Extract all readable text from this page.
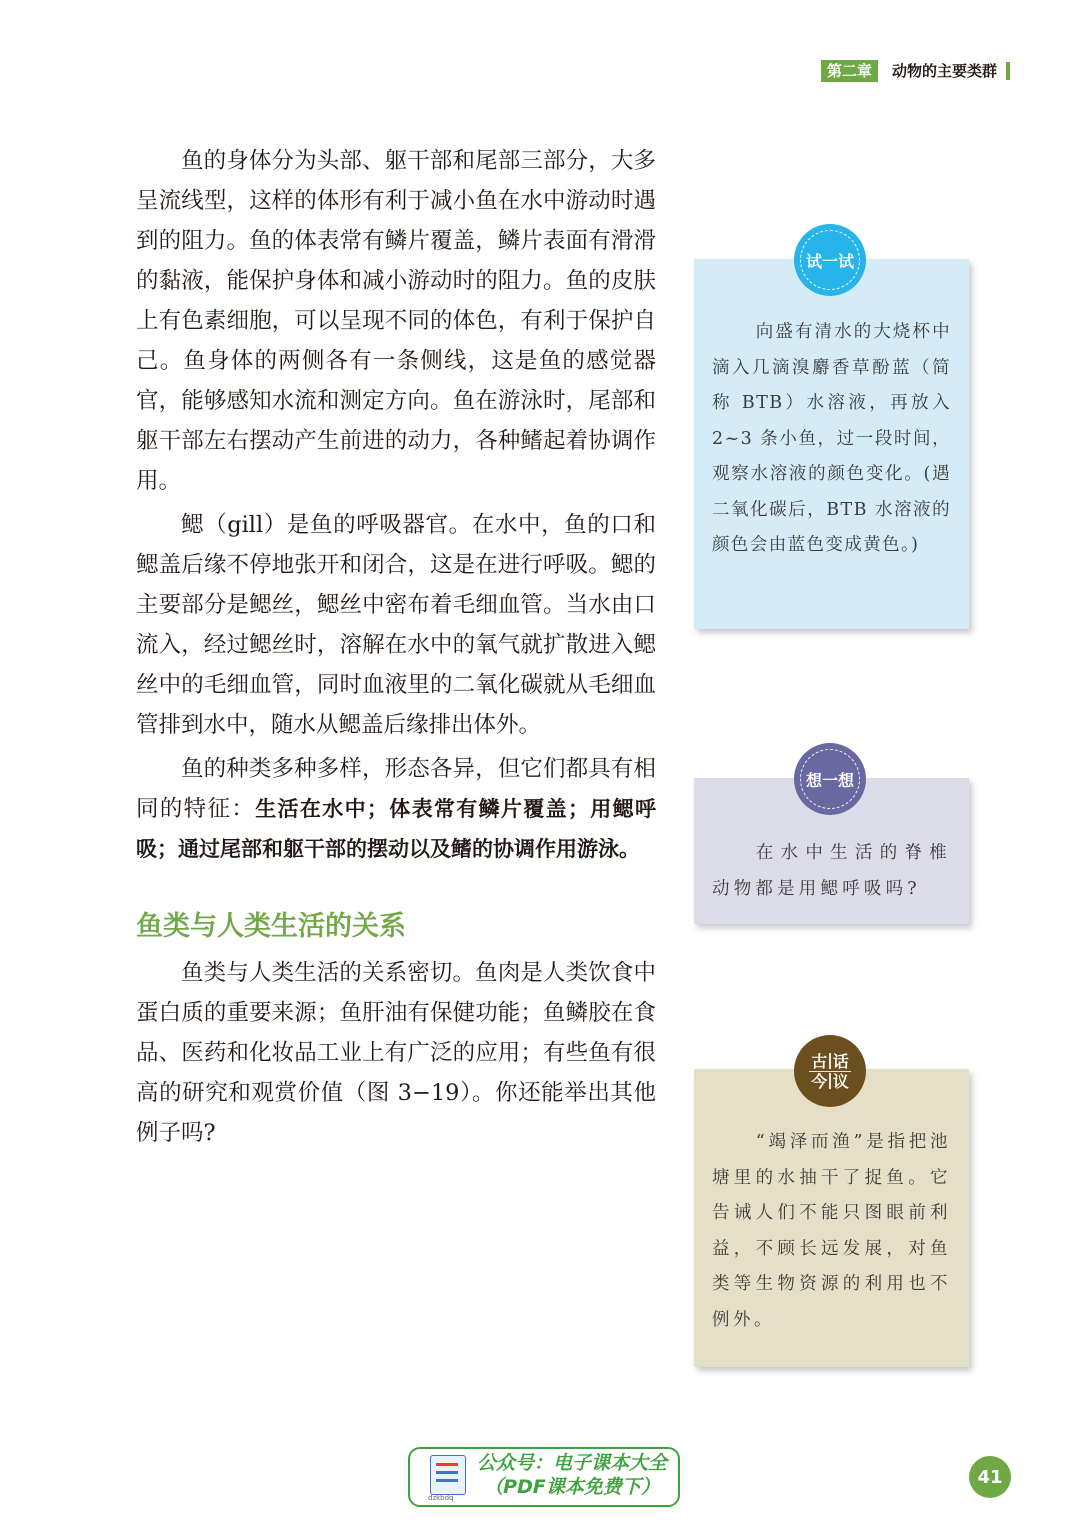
第二章	动物的主要类群

鱼的身体分为头部、躯干部和尾部三部分，大多呈流线型，这样的体形有利于减小鱼在水中游动时遇到的阻力。鱼的体表常有鳞片覆盖，鳞片表面有滑滑的黏液，能保护身体和减小游动时的阻力。鱼的皮肤上有色素细胞，可以呈现不同的体色，有利于保护自己。鱼身体的两侧各有一条侧线，这是鱼的感觉器官，能够感知水流和测定方向。鱼在游泳时，尾部和躯干部左右摆动产生前进的动力，各种鳍起着协调作用。

鳃（gill）是鱼的呼吸器官。在水中，鱼的口和鳃盖后缘不停地张开和闭合，这是在进行呼吸。鳃的主要部分是鳃丝，鳃丝中密布着毛细血管。当水由口流入，经过鳃丝时，溶解在水中的氧气就扩散进入鳃丝中的毛细血管，同时血液里的二氧化碳就从毛细血管排到水中，随水从鳃盖后缘排出体外。

鱼的种类多种多样，形态各异，但它们都具有相同的特征：生活在水中；体表常有鳞片覆盖；用鳃呼吸；通过尾部和躯干部的摆动以及鳍的协调作用游泳。

鱼类与人类生活的关系

鱼类与人类生活的关系密切。鱼肉是人类饮食中蛋白质的重要来源；鱼肝油有保健功能；鱼鳞胶在食品、医药和化妆品工业上有广泛的应用；有些鱼有很高的研究和观赏价值（图 3−19）。你还能举出其他例子吗?

试一试

向盛有清水的大烧杯中滴入几滴溴麝香草酚蓝（简称 BTB）水溶液，再放入 2~3 条小鱼，过一段时间，观察水溶液的颜色变化。(遇二氧化碳后，BTB 水溶液的颜色会由蓝色变成黄色。)

想一想

在水中生活的脊椎动物都是用鳃呼吸吗?

古 话
今 议

“竭泽而渔”是指把池塘里的水抽干了捉鱼。它告诫人们不能只图眼前利益，不顾长远发展，对鱼类等生物资源的利用也不例外。

dzkbdq
公众号：电子课本大全
（PDF课本免费下）	41
